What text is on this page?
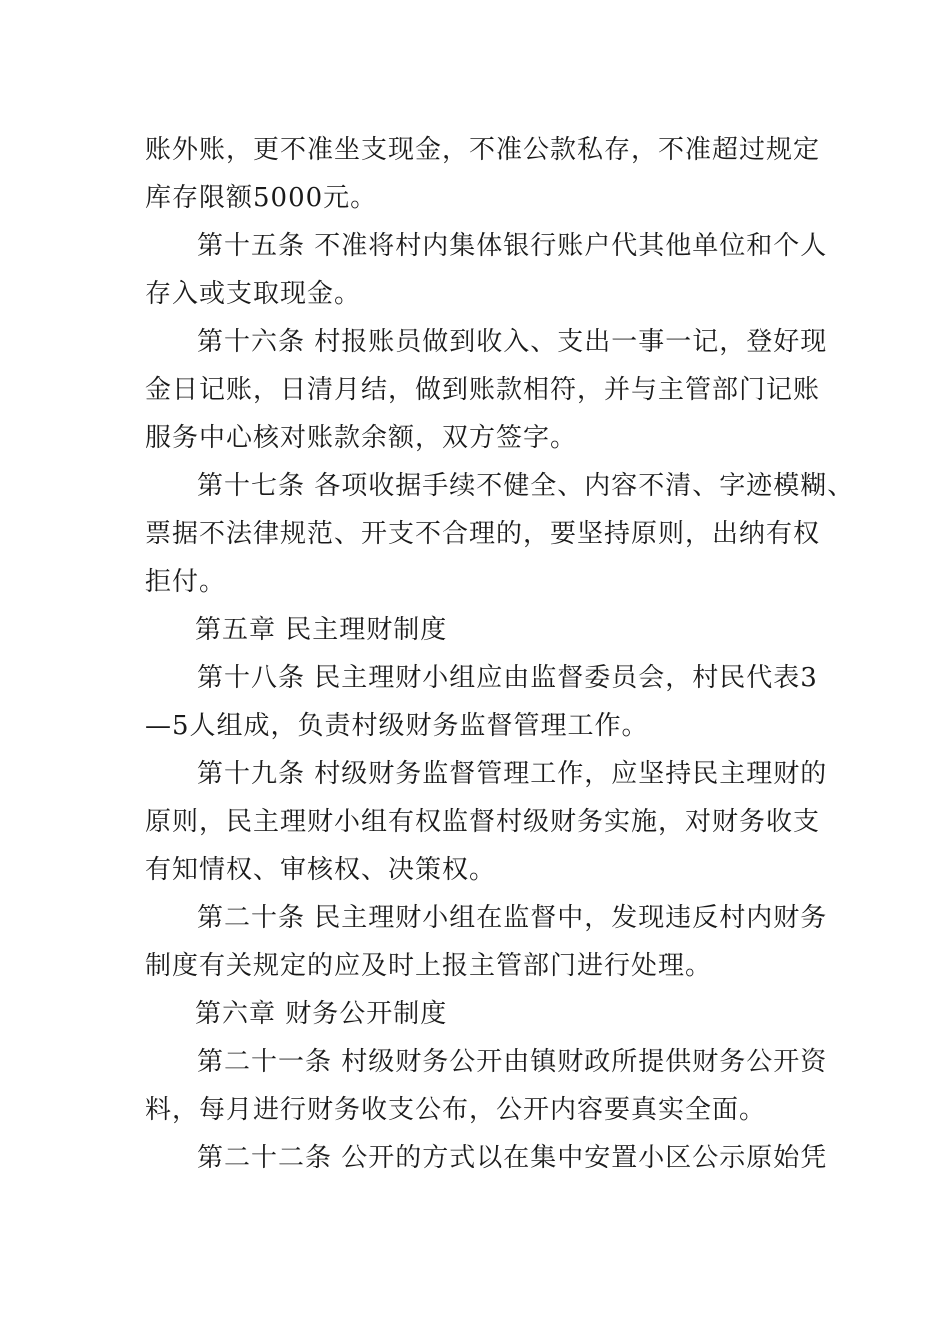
账外账，更不准坐支现金，不准公款私存，不准超过规定
库存限额5000元。
第十五条 不准将村内集体银行账户代其他单位和个人
存入或支取现金。
第十六条 村报账员做到收入、支出一事一记，登好现
金日记账，日清月结，做到账款相符，并与主管部门记账
服务中心核对账款余额，双方签字。
第十七条 各项收据手续不健全、内容不清、字迹模糊、
票据不法律规范、开支不合理的，要坚持原则，出纳有权
拒付。
第五章 民主理财制度
第十八条 民主理财小组应由监督委员会，村民代表3
—5人组成，负责村级财务监督管理工作。
第十九条 村级财务监督管理工作，应坚持民主理财的
原则，民主理财小组有权监督村级财务实施，对财务收支
有知情权、审核权、决策权。
第二十条 民主理财小组在监督中，发现违反村内财务
制度有关规定的应及时上报主管部门进行处理。
第六章 财务公开制度
第二十一条 村级财务公开由镇财政所提供财务公开资
料，每月进行财务收支公布，公开内容要真实全面。
第二十二条 公开的方式以在集中安置小区公示原始凭
